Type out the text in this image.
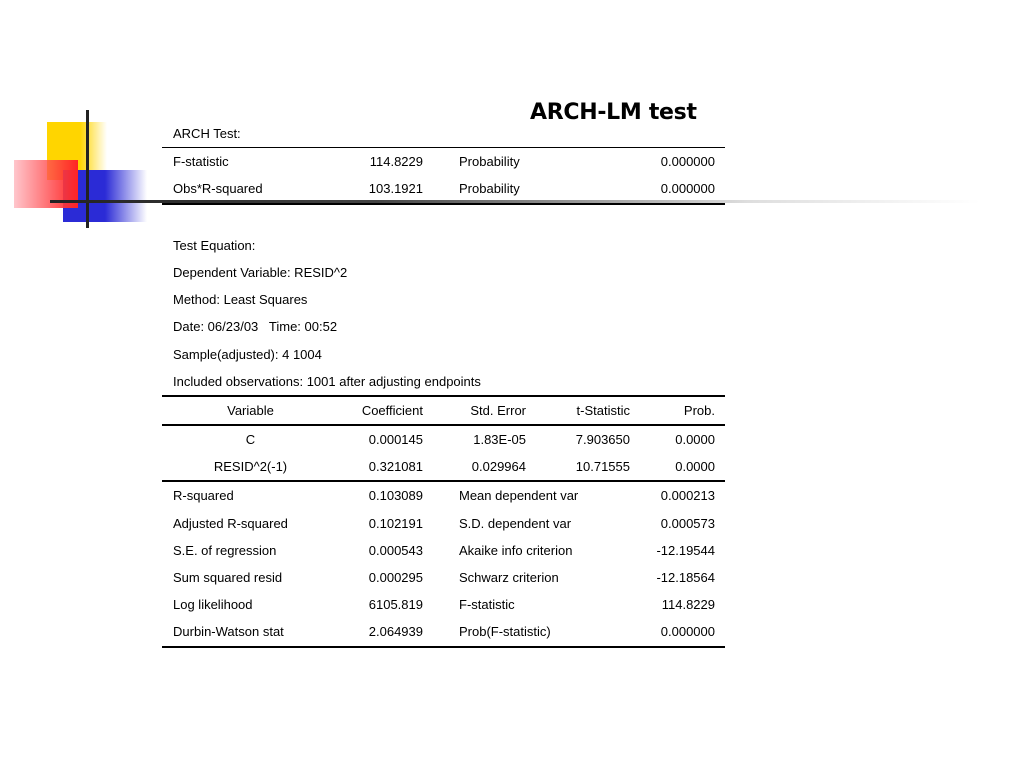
ARCH-LM test
ARCH Test:
F-statistic	114.8229	Probability	0.000000
Obs*R-squared	103.1921	Probability	0.000000
Test Equation:
Dependent Variable: RESID^2
Method: Least Squares
Date: 06/23/03   Time: 00:52
Sample(adjusted): 4 1004
Included observations: 1001 after adjusting endpoints
Variable	Coefficient	Std. Error	t-Statistic	Prob.
C	0.000145	1.83E-05	7.903650	0.0000
RESID^2(-1)	0.321081	0.029964	10.71555	0.0000
R-squared	0.103089	Mean dependent var	0.000213
Adjusted R-squared	0.102191	S.D. dependent var	0.000573
S.E. of regression	0.000543	Akaike info criterion	-12.19544
Sum squared resid	0.000295	Schwarz criterion	-12.18564
Log likelihood	6105.819	F-statistic	114.8229
Durbin-Watson stat	2.064939	Prob(F-statistic)	0.000000
